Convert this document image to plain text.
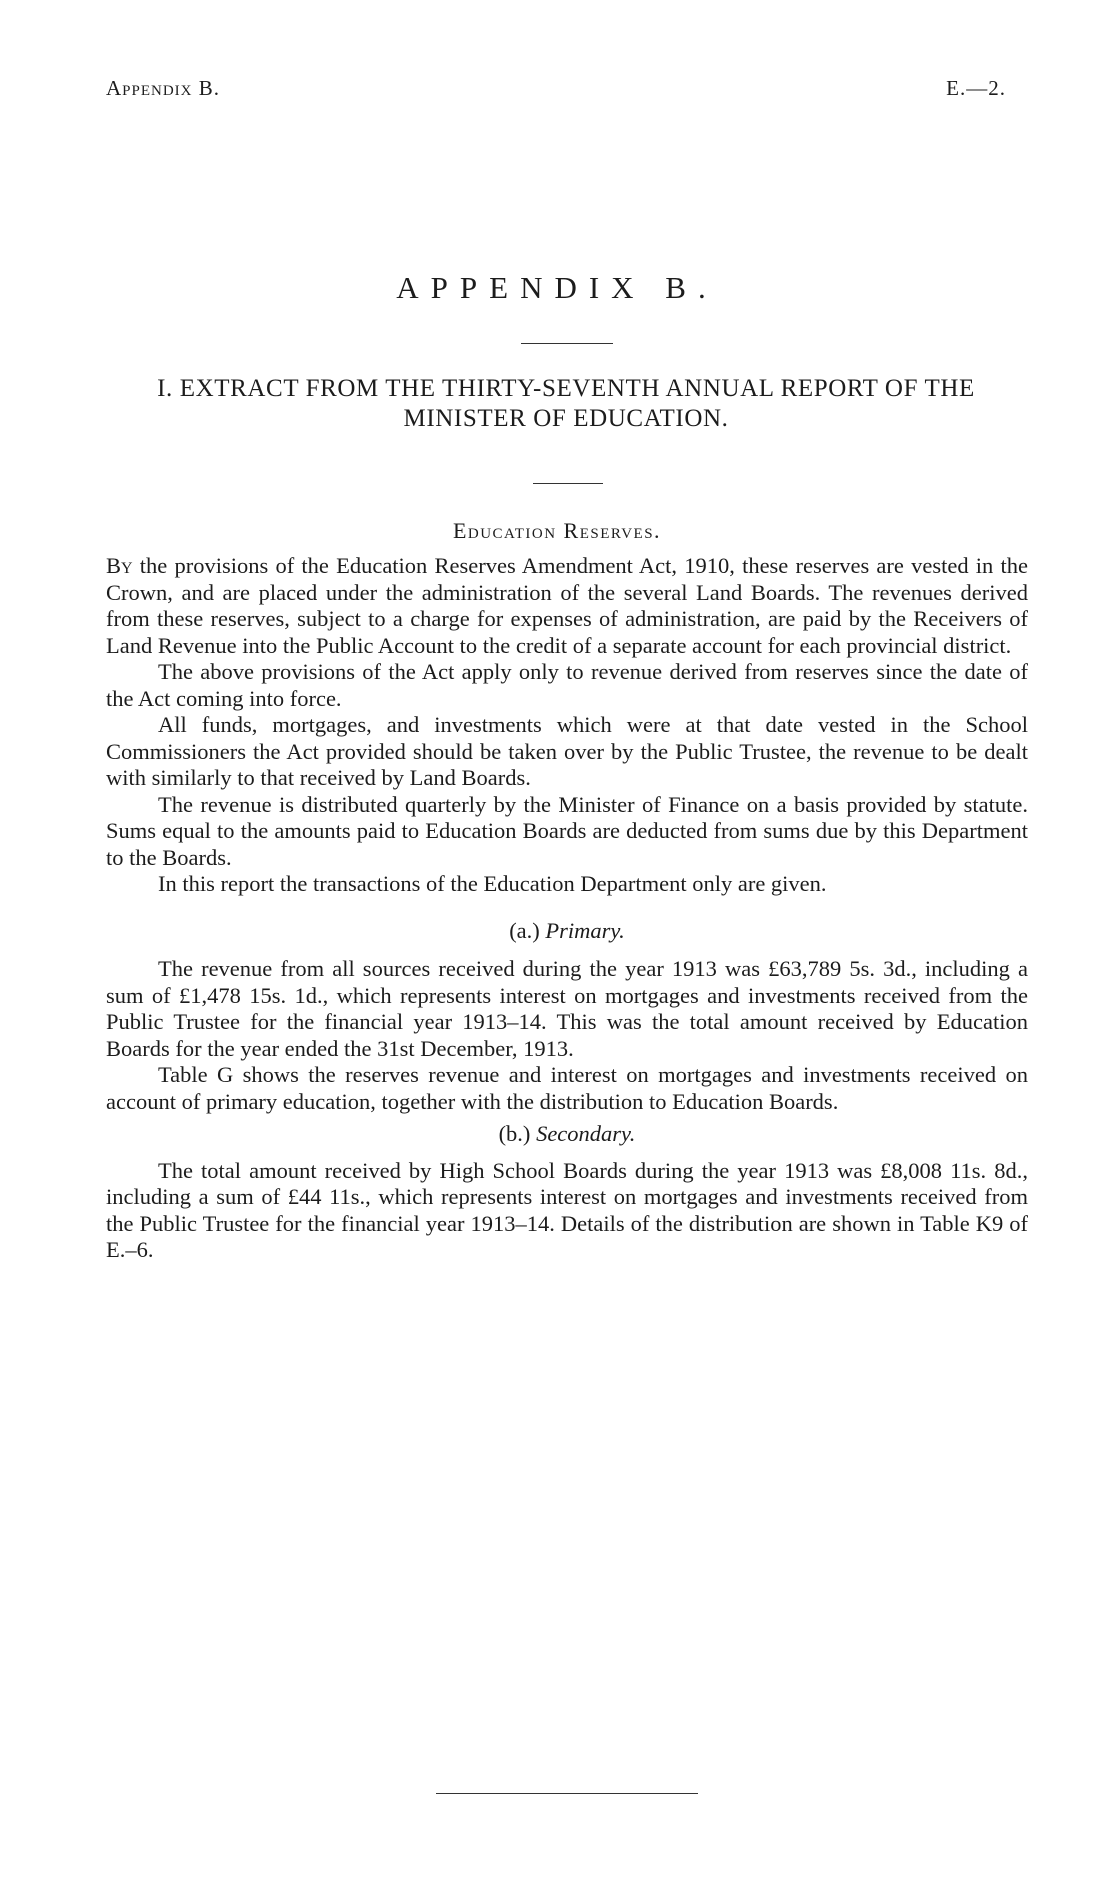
Appendix B.	E.—2.
APPENDIX B.
I. EXTRACT FROM THE THIRTY-SEVENTH ANNUAL REPORT OF THE MINISTER OF EDUCATION.
Education Reserves.

By the provisions of the Education Reserves Amendment Act, 1910, these reserves are vested in the Crown, and are placed under the administration of the several Land Boards. The revenues derived from these reserves, subject to a charge for expenses of administration, are paid by the Receivers of Land Revenue into the Public Account to the credit of a separate account for each provincial district.

The above provisions of the Act apply only to revenue derived from reserves since the date of the Act coming into force.

All funds, mortgages, and investments which were at that date vested in the School Commissioners the Act provided should be taken over by the Public Trustee, the revenue to be dealt with similarly to that received by Land Boards.

The revenue is distributed quarterly by the Minister of Finance on a basis provided by statute. Sums equal to the amounts paid to Education Boards are deducted from sums due by this Department to the Boards.

In this report the transactions of the Education Department only are given.

(a.) Primary.

The revenue from all sources received during the year 1913 was £63,789 5s. 3d., including a sum of £1,478 15s. 1d., which represents interest on mortgages and investments received from the Public Trustee for the financial year 1913–14. This was the total amount received by Education Boards for the year ended the 31st December, 1913.

Table G shows the reserves revenue and interest on mortgages and investments received on account of primary education, together with the distribution to Education Boards.

(b.) Secondary.

The total amount received by High School Boards during the year 1913 was £8,008 11s. 8d., including a sum of £44 11s., which represents interest on mortgages and investments received from the Public Trustee for the financial year 1913–14. Details of the distribution are shown in Table K9 of E.–6.
